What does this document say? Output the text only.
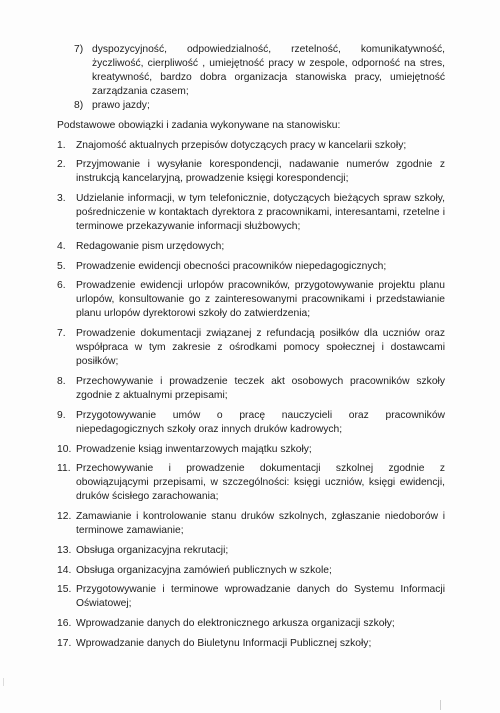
7) dyspozycyjność, odpowiedzialność, rzetelność, komunikatywność, życzliwość, cierpliwość , umiejętność pracy w zespole, odporność na stres, kreatywność, bardzo dobra organizacja stanowiska pracy, umiejętność zarządzania czasem;
8) prawo jazdy;
Podstawowe obowiązki i zadania wykonywane na stanowisku:
1. Znajomość aktualnych przepisów dotyczących pracy w kancelarii szkoły;
2. Przyjmowanie i wysyłanie korespondencji, nadawanie numerów zgodnie z instrukcją kancelaryjną, prowadzenie księgi korespondencji;
3. Udzielanie informacji, w tym telefonicznie, dotyczących bieżących spraw szkoły, pośredniczenie w kontaktach dyrektora z pracownikami, interesantami, rzetelne i terminowe przekazywanie informacji służbowych;
4. Redagowanie pism urzędowych;
5. Prowadzenie ewidencji obecności pracowników niepedagogicznych;
6. Prowadzenie ewidencji urlopów pracowników, przygotowywanie projektu planu urlopów, konsultowanie go z zainteresowanymi pracownikami i przedstawianie planu urlopów dyrektorowi szkoły do zatwierdzenia;
7. Prowadzenie dokumentacji związanej z refundacją posiłków dla uczniów oraz współpraca w tym zakresie z ośrodkami pomocy społecznej i dostawcami posiłków;
8. Przechowywanie i prowadzenie teczek akt osobowych pracowników szkoły zgodnie z aktualnymi przepisami;
9. Przygotowywanie umów o pracę nauczycieli oraz pracowników niepedagogicznych szkoły oraz innych druków kadrowych;
10. Prowadzenie ksiąg inwentarzowych majątku szkoły;
11. Przechowywanie i prowadzenie dokumentacji szkolnej zgodnie z obowiązującymi przepisami, w szczególności: księgi uczniów, księgi ewidencji, druków ścisłego zarachowania;
12. Zamawianie i kontrolowanie stanu druków szkolnych, zgłaszanie niedoborów i terminowe zamawianie;
13. Obsługa organizacyjna rekrutacji;
14. Obsługa organizacyjna zamówień publicznych w szkole;
15. Przygotowywanie i terminowe wprowadzanie danych do Systemu Informacji Oświatowej;
16. Wprowadzanie danych do elektronicznego arkusza organizacji szkoły;
17. Wprowadzanie danych do Biuletynu Informacji Publicznej szkoły;
